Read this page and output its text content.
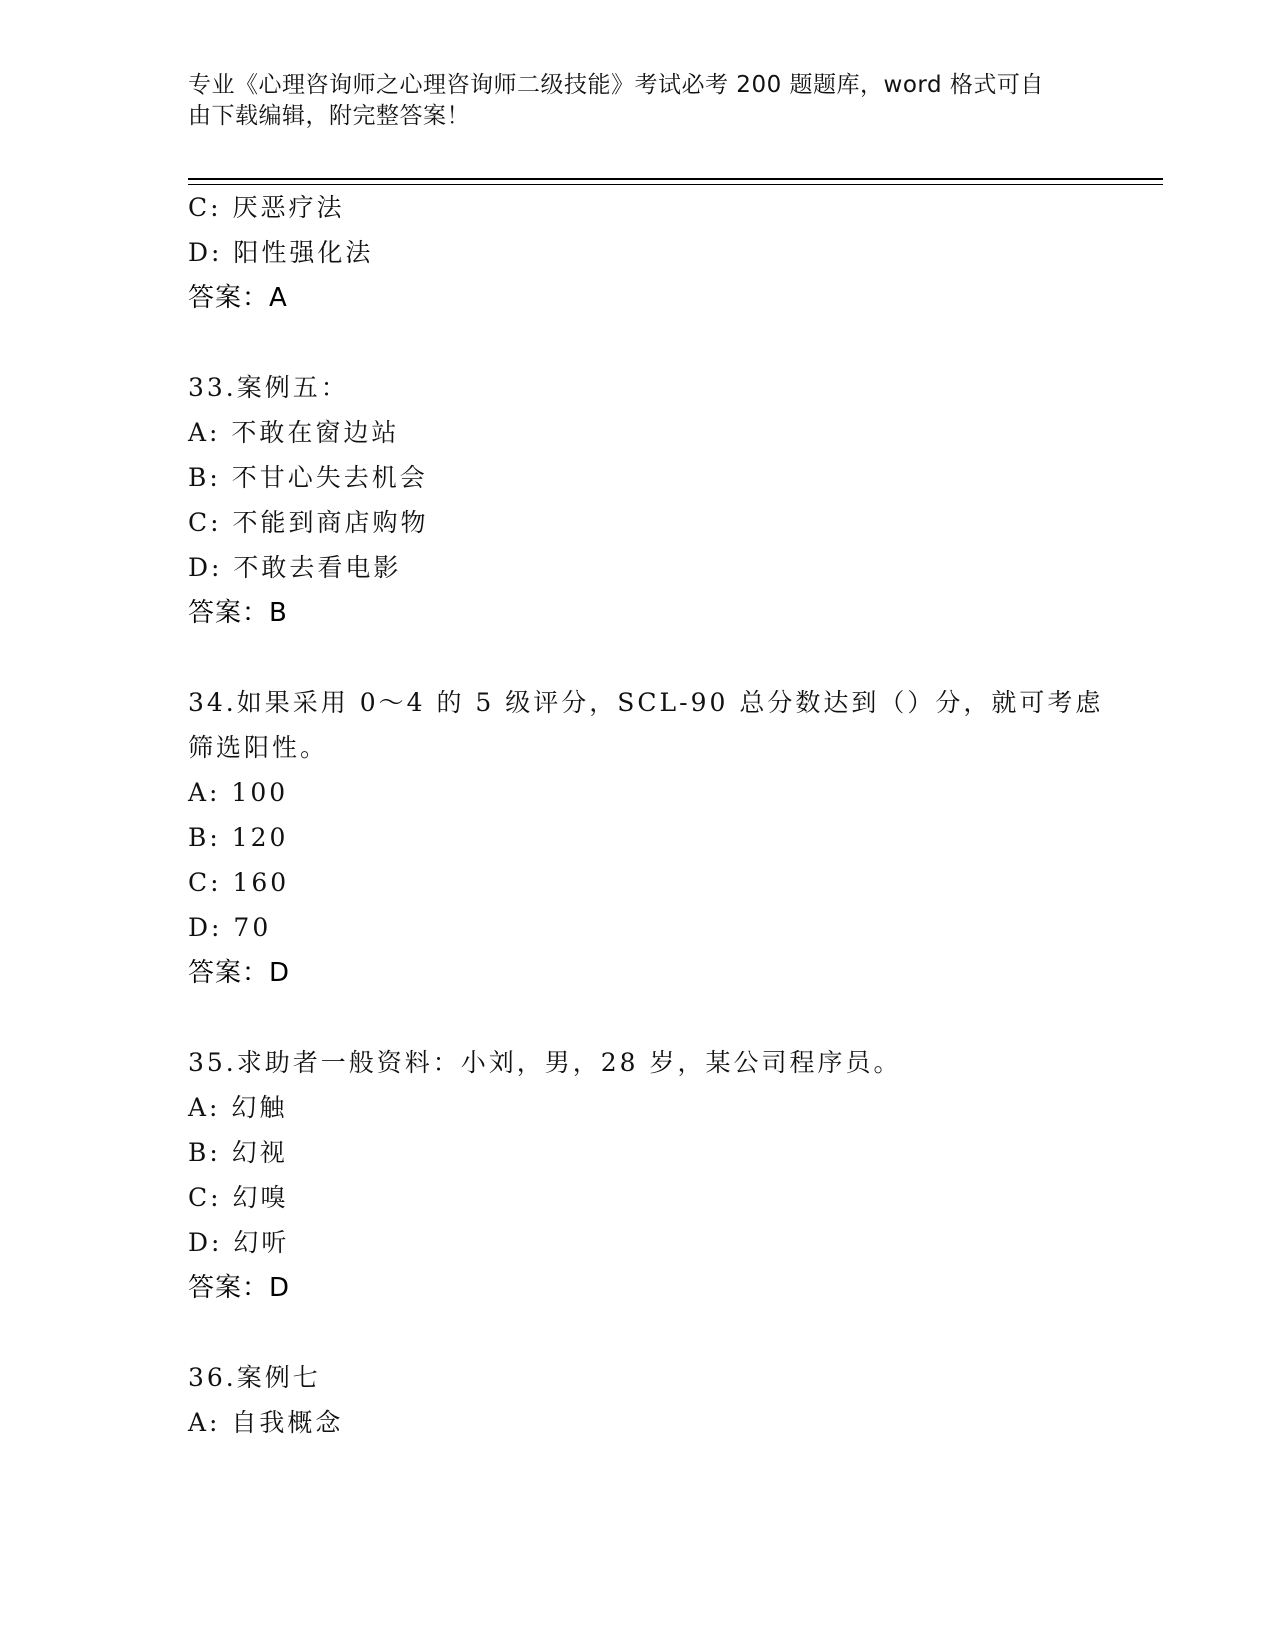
专业《心理咨询师之心理咨询师二级技能》考试必考 200 题题库，word 格式可自
由下载编辑，附完整答案！
C: 厌恶疗法
D: 阳性强化法
答案：A
33.案例五：
A: 不敢在窗边站
B: 不甘心失去机会
C: 不能到商店购物
D: 不敢去看电影
答案：B
34.如果采用 0～4 的 5 级评分，SCL-90 总分数达到（）分，就可考虑
筛选阳性。
A: 100
B: 120
C: 160
D: 70
答案：D
35.求助者一般资料：小刘，男，28 岁，某公司程序员。
A: 幻触
B: 幻视
C: 幻嗅
D: 幻听
答案：D
36.案例七
A: 自我概念
